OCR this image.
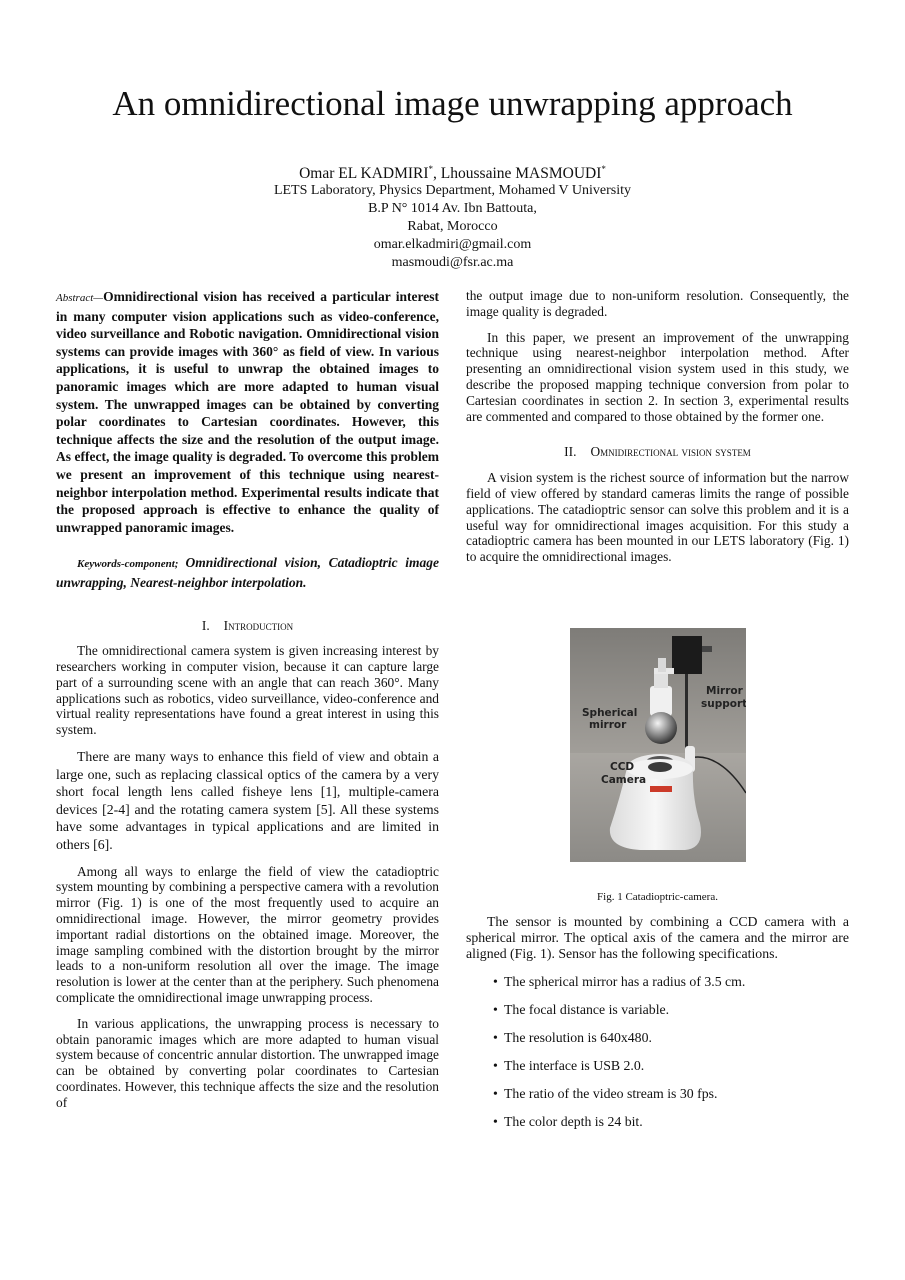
An omnidirectional image unwrapping approach
Omar EL KADMIRI*, Lhoussaine MASMOUDI*
LETS Laboratory, Physics Department, Mohamed V University
B.P N° 1014 Av. Ibn Battouta,
Rabat, Morocco
omar.elkadmiri@gmail.com
masmoudi@fsr.ac.ma

Abstract—Omnidirectional vision has received a particular interest in many computer vision applications such as video-conference, video surveillance and Robotic navigation. Omnidirectional vision systems can provide images with 360° as field of view. In various applications, it is useful to unwrap the obtained images to panoramic images which are more adapted to human visual system. The unwrapped images can be obtained by converting polar coordinates to Cartesian coordinates. However, this technique affects the size and the resolution of the output image. As effect, the image quality is degraded. To overcome this problem we present an improvement of this technique using nearest-neighbor interpolation method. Experimental results indicate that the proposed approach is effective to enhance the quality of unwrapped panoramic images.

Keywords-component; Omnidirectional vision, Catadioptric image unwrapping, Nearest-neighbor interpolation.

I. Introduction

The omnidirectional camera system is given increasing interest by researchers working in computer vision, because it can capture large part of a surrounding scene with an angle that can reach 360°. Many applications such as robotics, video surveillance, video-conference and virtual reality representations have found a great interest in using this system.

There are many ways to enhance this field of view and obtain a large one, such as replacing classical optics of the camera by a very short focal length lens called fisheye lens [1], multiple-camera devices [2-4] and the rotating camera system [5]. All these systems have some advantages in typical applications and are limited in others [6].

Among all ways to enlarge the field of view the catadioptric system mounting by combining a perspective camera with a revolution mirror (Fig. 1) is one of the most frequently used to acquire an omnidirectional image. However, the mirror geometry provides important radial distortions on the obtained image. Moreover, the image sampling combined with the distortion brought by the mirror leads to a non-uniform resolution all over the image. The image resolution is lower at the center than at the periphery. Such phenomena complicate the omnidirectional image unwrapping process.

In various applications, the unwrapping process is necessary to obtain panoramic images which are more adapted to human visual system because of concentric annular distortion. The unwrapped image can be obtained by converting polar coordinates to Cartesian coordinates. However, this technique affects the size and the resolution of

the output image due to non-uniform resolution. Consequently, the image quality is degraded.

In this paper, we present an improvement of the unwrapping technique using nearest-neighbor interpolation method. After presenting an omnidirectional vision system used in this study, we describe the proposed mapping technique conversion from polar to Cartesian coordinates in section 2. In section 3, experimental results are commented and compared to those obtained by the former one.

II. Omnidirectional vision system

A vision system is the richest source of information but the narrow field of view offered by standard cameras limits the range of possible applications. The catadioptric sensor can solve this problem and it is a useful way for omnidirectional images acquisition. For this study a catadioptric camera has been mounted in our LETS laboratory (Fig. 1) to acquire the omnidirectional images.

Mirror
support
Spherical
mirror
CCD
Camera
Fig. 1 Catadioptric-camera.

The sensor is mounted by combining a CCD camera with a spherical mirror. The optical axis of the camera and the mirror are aligned (Fig. 1). Sensor has the following specifications.

• The spherical mirror has a radius of 3.5 cm.
• The focal distance is variable.
• The resolution is 640x480.
• The interface is USB 2.0.
• The ratio of the video stream is 30 fps.
• The color depth is 24 bit.
